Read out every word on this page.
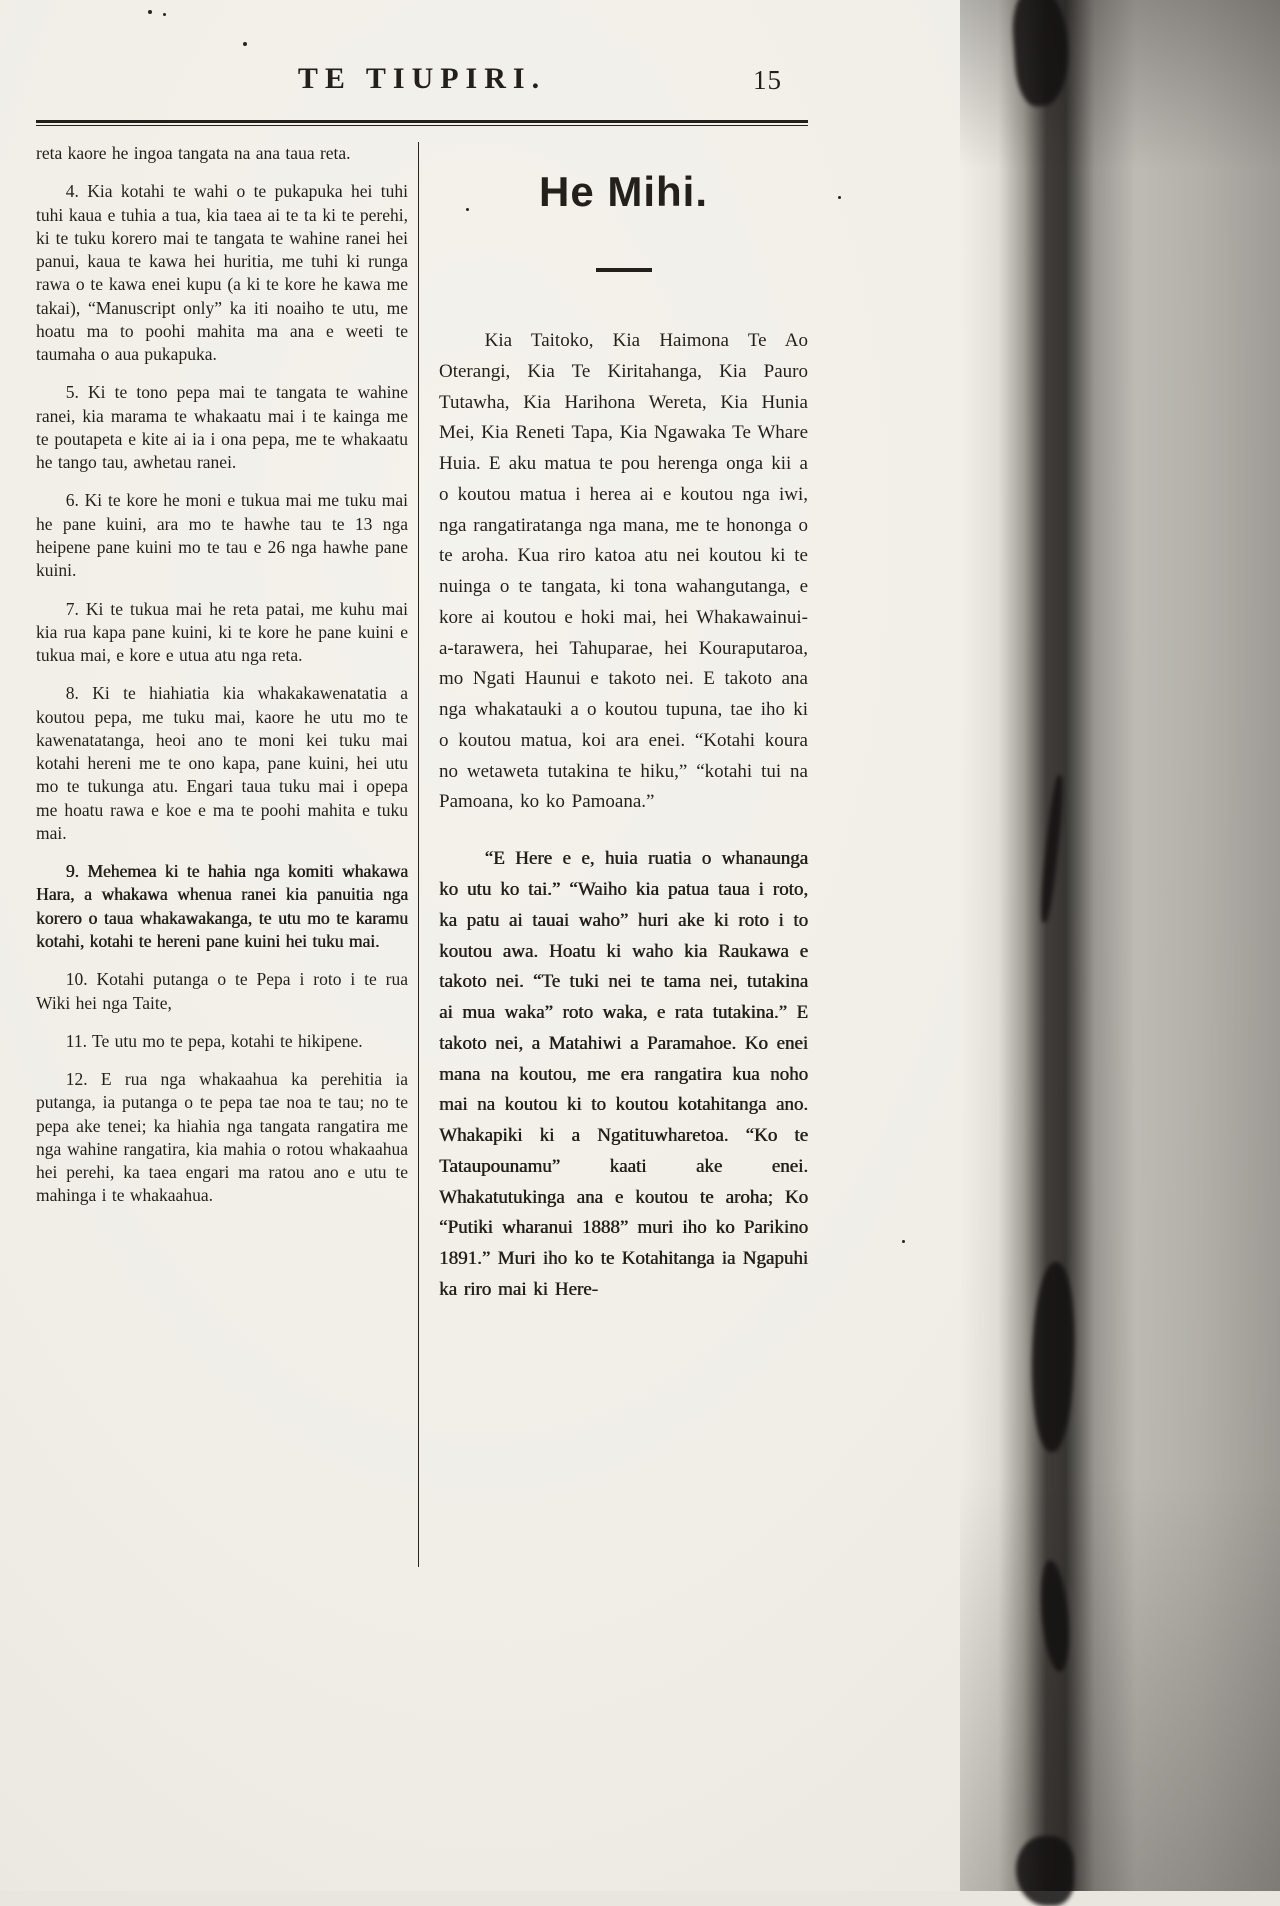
TE TIUPIRI.	15

reta kaore he ingoa tangata na ana taua reta.

4. Kia kotahi te wahi o te pukapuka hei tuhi tuhi kaua e tuhia a tua, kia taea ai te ta ki te perehi, ki te tuku korero mai te tangata te wahine ranei hei panui, kaua te kawa hei huritia, me tuhi ki runga rawa o te kawa enei kupu (a ki te kore he kawa me takai), “Manuscript only” ka iti noaiho te utu, me hoatu ma to poohi mahita ma ana e weeti te taumaha o aua pukapuka.

5. Ki te tono pepa mai te tangata te wahine ranei, kia marama te whakaatu mai i te kainga me te poutapeta e kite ai ia i ona pepa, me te whakaatu he tango tau, awhetau ranei.

6. Ki te kore he moni e tukua mai me tuku mai he pane kuini, ara mo te hawhe tau te 13 nga heipene pane kuini mo te tau e 26 nga hawhe pane kuini.

7. Ki te tukua mai he reta patai, me kuhu mai kia rua kapa pane kuini, ki te kore he pane kuini e tukua mai, e kore e utua atu nga reta.

8. Ki te hiahiatia kia whakakawenatatia a koutou pepa, me tuku mai, kaore he utu mo te kawenatatanga, heoi ano te moni kei tuku mai kotahi hereni me te ono kapa, pane kuini, hei utu mo te tukunga atu. Engari taua tuku mai i opepa me hoatu rawa e koe e ma te poohi mahita e tuku mai.

9. Mehemea ki te hahia nga komiti whakawa Hara, a whakawa whenua ranei kia panuitia nga korero o taua whakawakanga, te utu mo te karamu kotahi, kotahi te hereni pane kuini hei tuku mai.

10. Kotahi putanga o te Pepa i roto i te rua Wiki hei nga Taite,

11. Te utu mo te pepa, kotahi te hikipene.

12. E rua nga whakaahua ka perehitia ia putanga, ia putanga o te pepa tae noa te tau; no te pepa ake tenei; ka hiahia nga tangata rangatira me nga wahine rangatira, kia mahia o rotou whakaahua hei perehi, ka taea engari ma ratou ano e utu te mahinga i te whakaahua.

He Mihi.

Kia Taitoko, Kia Haimona Te Ao Oterangi, Kia Te Kiritahanga, Kia Pauro Tutawha, Kia Harihona Wereta, Kia Hunia Mei, Kia Reneti Tapa, Kia Ngawaka Te Whare Huia. E aku matua te pou herenga onga kii a o koutou matua i herea ai e koutou nga iwi, nga rangatiratanga nga mana, me te hononga o te aroha. Kua riro katoa atu nei koutou ki te nuinga o te tangata, ki tona wahangutanga, e kore ai koutou e hoki mai, hei Whakawainui-a-tarawera, hei Tahuparae, hei Kouraputaroa, mo Ngati Haunui e takoto nei. E takoto ana nga whakatauki a o koutou tupuna, tae iho ki o koutou matua, koi ara enei. “Kotahi koura no wetaweta tutakina te hiku,” “kotahi tui na Pamoana, ko ko Pamoana.”

“E Here e e, huia ruatia o whanaunga ko utu ko tai.” “Waiho kia patua taua i roto, ka patu ai tauai waho” huri ake ki roto i to koutou awa. Hoatu ki waho kia Raukawa e takoto nei. “Te tuki nei te tama nei, tutakina ai mua waka” roto waka, e rata tutakina.” E takoto nei, a Matahiwi a Paramahoe. Ko enei mana na koutou, me era rangatira kua noho mai na koutou ki to koutou kotahitanga ano. Whakapiki ki a Ngatituwharetoa. “Ko te Tataupounamu” kaati ake enei. Whakatutukinga ana e koutou te aroha; Ko “Putiki wharanui 1888” muri iho ko Parikino 1891.” Muri iho ko te Kotahitanga ia Ngapuhi ka riro mai ki Here-
